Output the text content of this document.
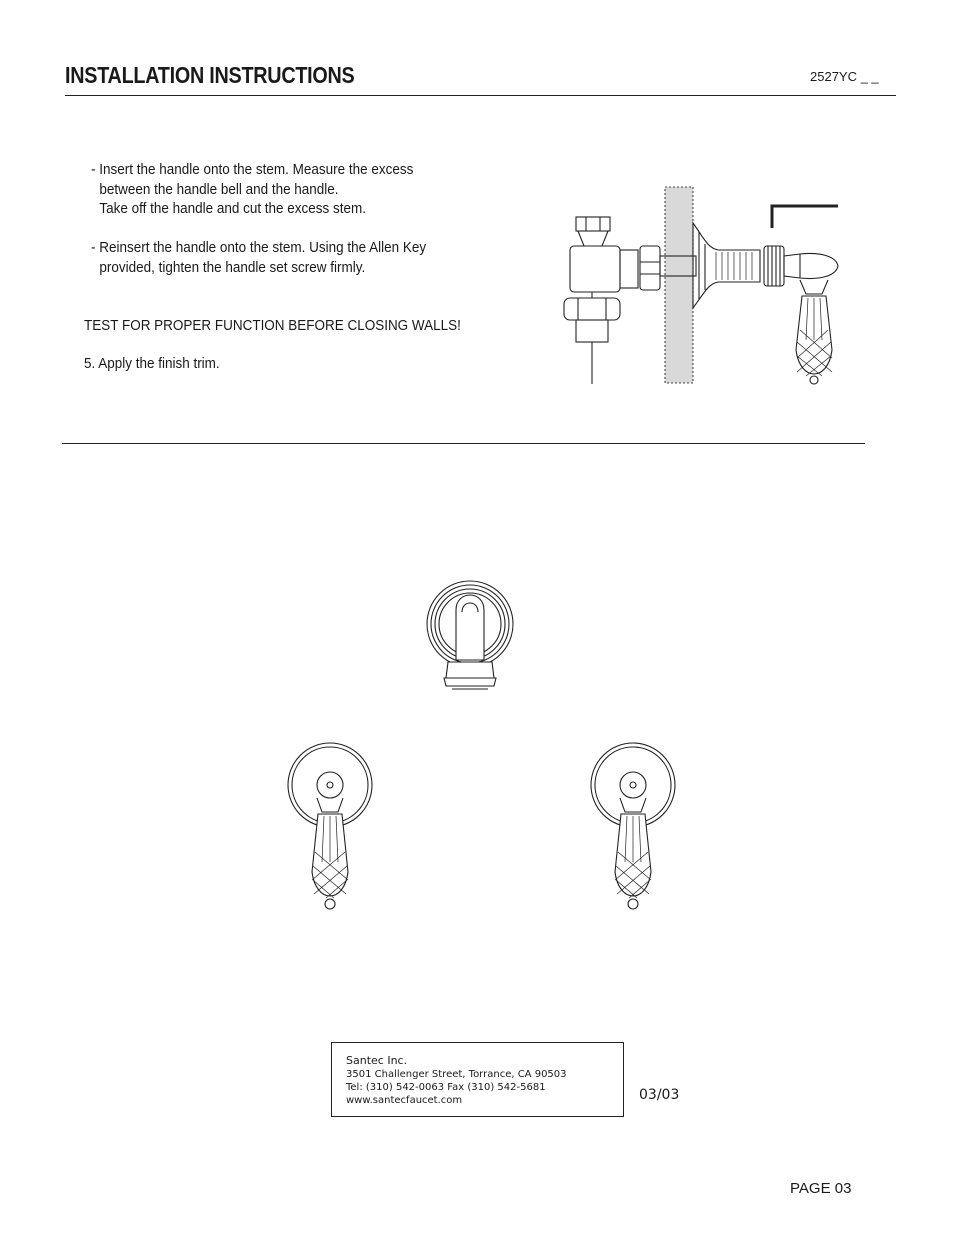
INSTALLATION INSTRUCTIONS	2527YC _ _
- Insert the handle onto the stem. Measure the excess
between the handle bell and the handle.
Take off the handle and cut the excess stem.
- Reinsert the handle onto the stem. Using the Allen Key
provided, tighten the handle set screw firmly.
TEST FOR PROPER FUNCTION BEFORE CLOSING WALLS!
5. Apply the finish trim.
Santec Inc.
3501 Challenger Street, Torrance, CA 90503
Tel: (310) 542-0063 Fax (310) 542-5681
www.santecfaucet.com	03/03
PAGE 03
